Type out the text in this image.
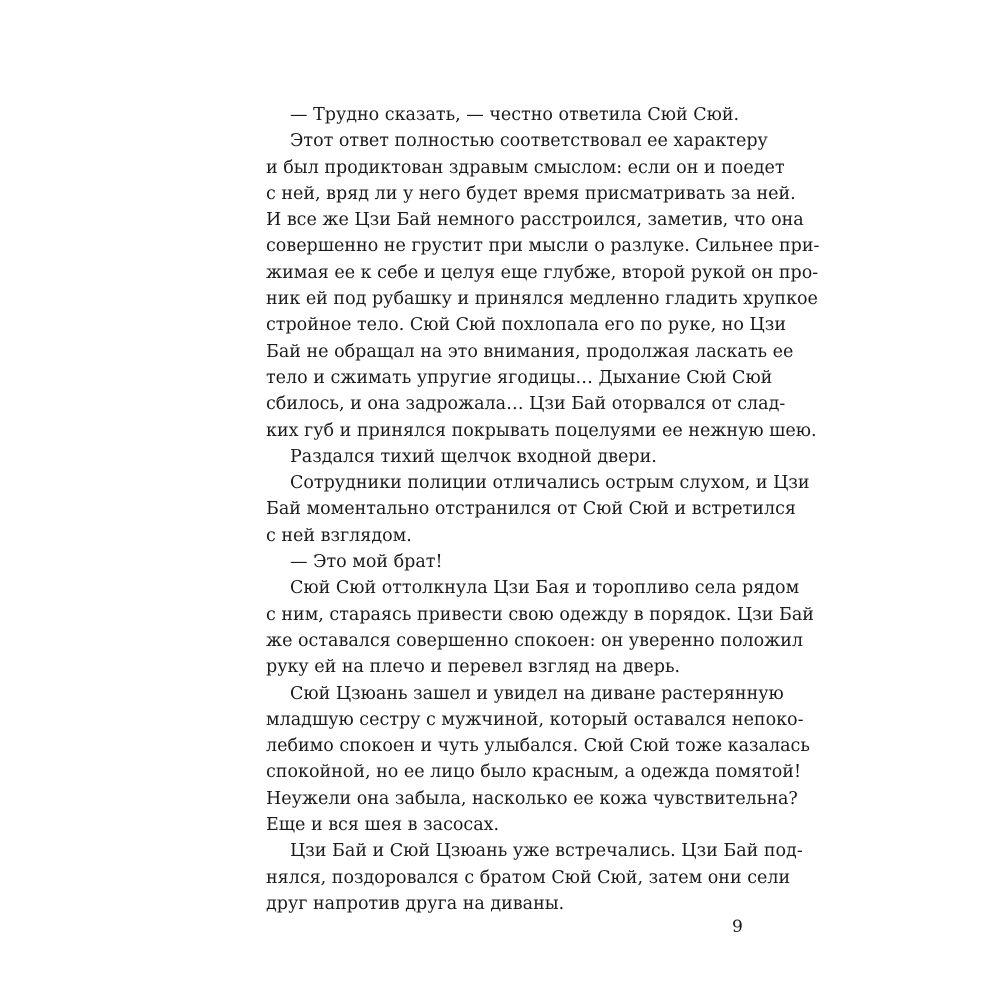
— Трудно сказать, — честно ответила Сюй Сюй.
Этот ответ полностью соответствовал ее характеру
и был продиктован здравым смыслом: если он и поедет
с ней, вряд ли у него будет время присматривать за ней.
И все же Цзи Бай немного расстроился, заметив, что она
совершенно не грустит при мысли о разлуке. Сильнее при-
жимая ее к себе и целуя еще глубже, второй рукой он про-
ник ей под рубашку и принялся медленно гладить хрупкое
стройное тело. Сюй Сюй похлопала его по руке, но Цзи
Бай не обращал на это внимания, продолжая ласкать ее
тело и сжимать упругие ягодицы… Дыхание Сюй Сюй
сбилось, и она задрожала… Цзи Бай оторвался от слад-
ких губ и принялся покрывать поцелуями ее нежную шею.
Раздался тихий щелчок входной двери.
Сотрудники полиции отличались острым слухом, и Цзи
Бай моментально отстранился от Сюй Сюй и встретился
с ней взглядом.
— Это мой брат!
Сюй Сюй оттолкнула Цзи Бая и торопливо села рядом
с ним, стараясь привести свою одежду в порядок. Цзи Бай
же оставался совершенно спокоен: он уверенно положил
руку ей на плечо и перевел взгляд на дверь.
Сюй Цзюань зашел и увидел на диване растерянную
младшую сестру с мужчиной, который оставался непоко-
лебимо спокоен и чуть улыбался. Сюй Сюй тоже казалась
спокойной, но ее лицо было красным, а одежда помятой!
Неужели она забыла, насколько ее кожа чувствительна?
Еще и вся шея в засосах.
Цзи Бай и Сюй Цзюань уже встречались. Цзи Бай под-
нялся, поздоровался с братом Сюй Сюй, затем они сели
друг напротив друга на диваны.
9
